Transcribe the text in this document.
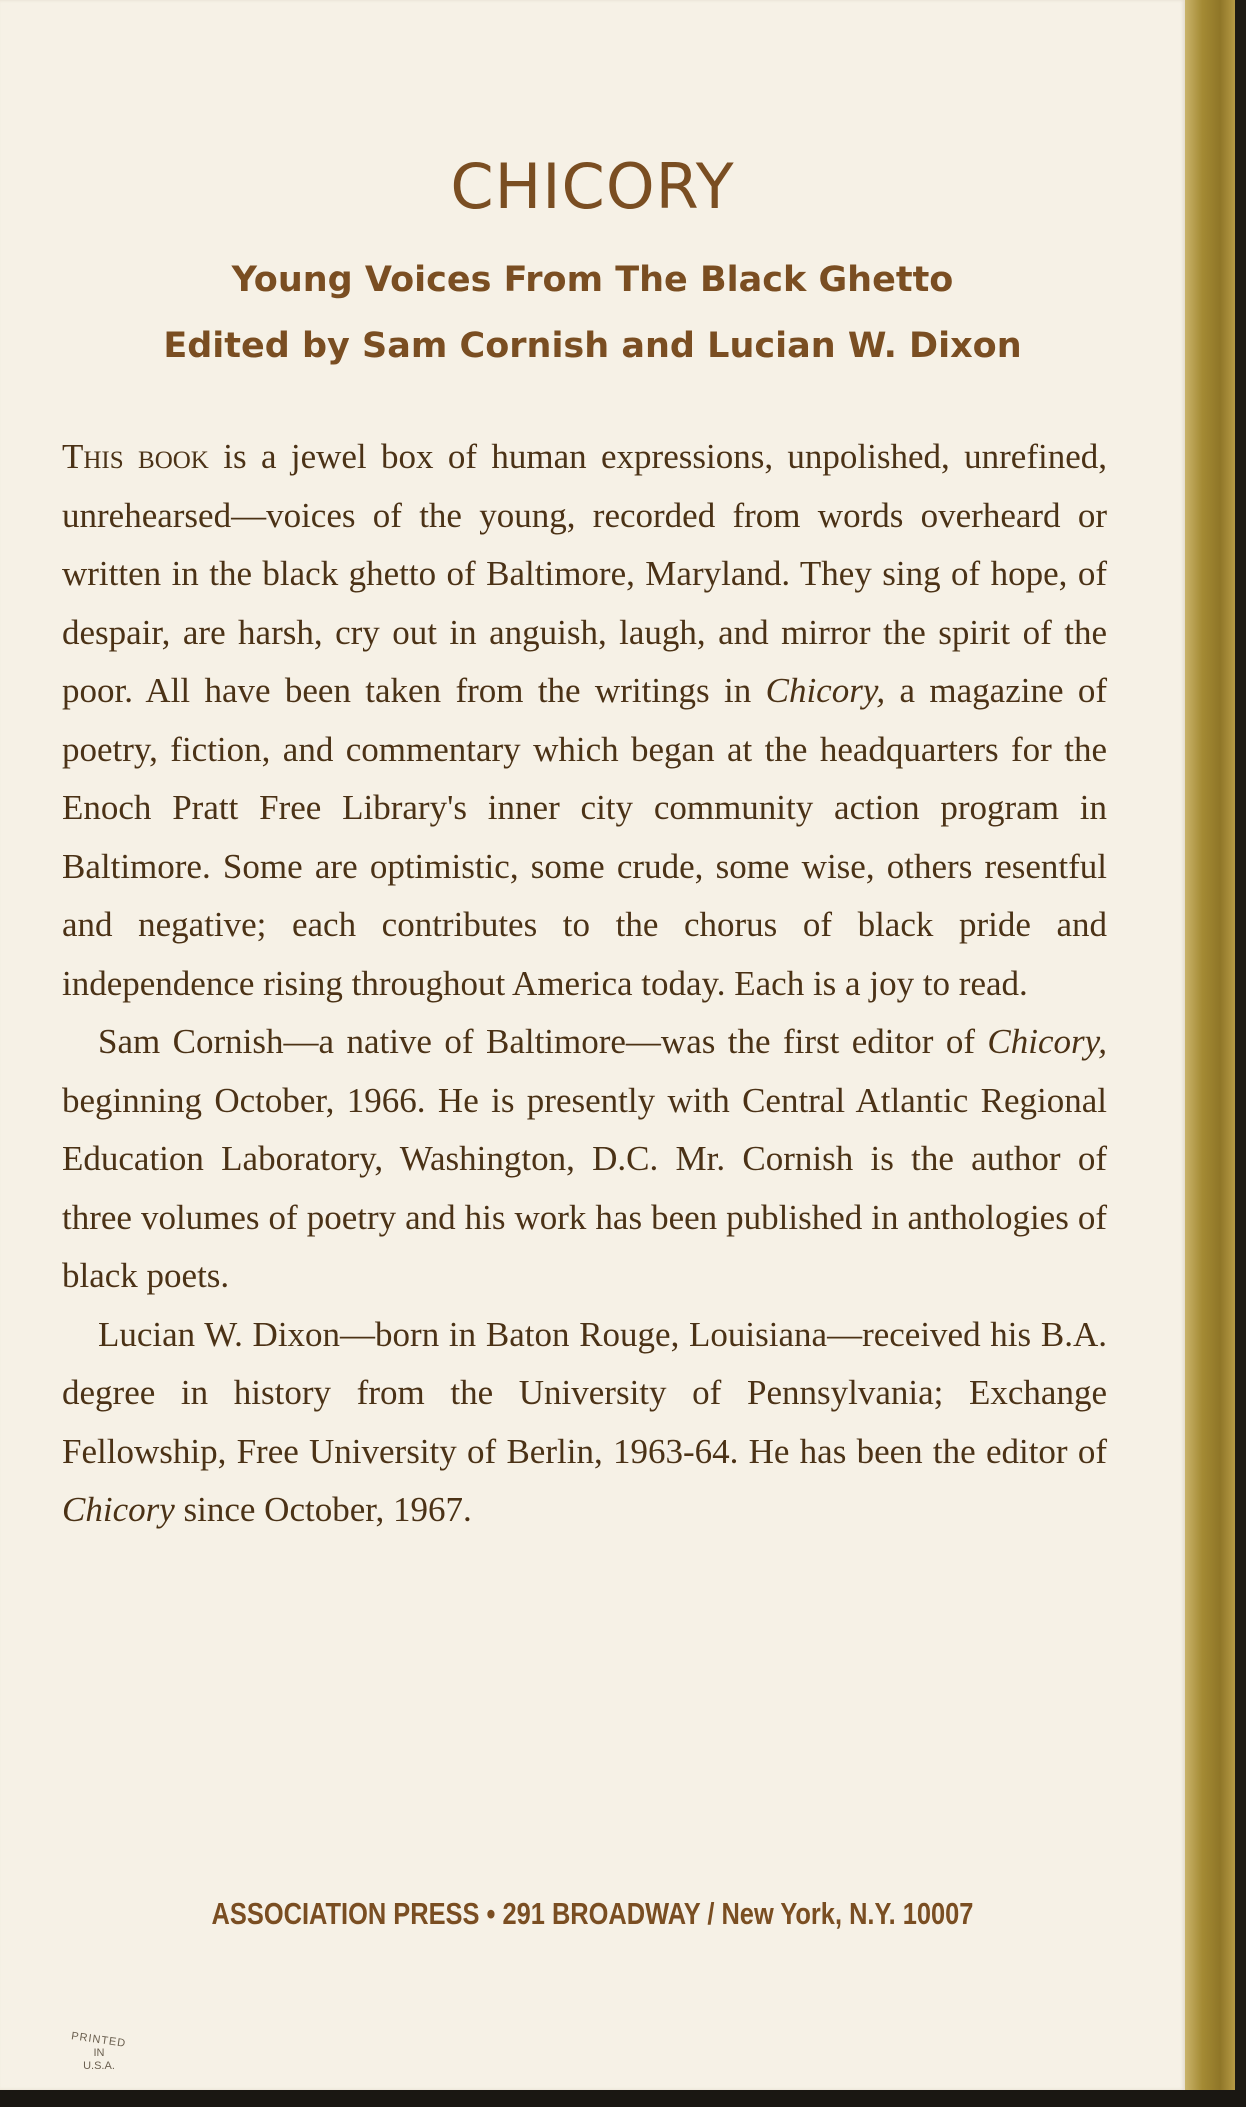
CHICORY
Young Voices From The Black Ghetto
Edited by Sam Cornish and Lucian W. Dixon

This book is a jewel box of human expressions, unpolished, unrefined, unrehearsed—voices of the young, recorded from words overheard or written in the black ghetto of Baltimore, Maryland. They sing of hope, of despair, are harsh, cry out in anguish, laugh, and mirror the spirit of the poor. All have been taken from the writings in Chicory, a magazine of poetry, fiction, and commentary which began at the headquarters for the Enoch Pratt Free Library's inner city community action program in Baltimore. Some are optimistic, some crude, some wise, others resentful and negative; each contributes to the chorus of black pride and independence rising throughout America today. Each is a joy to read.

Sam Cornish—a native of Baltimore—was the first editor of Chicory, beginning October, 1966. He is presently with Central Atlantic Regional Education Laboratory, Washington, D.C. Mr. Cornish is the author of three volumes of poetry and his work has been published in anthologies of black poets.

Lucian W. Dixon—born in Baton Rouge, Louisiana—received his B.A. degree in history from the University of Pennsylvania; Exchange Fellowship, Free University of Berlin, 1963-64. He has been the editor of Chicory since October, 1967.

ASSOCIATION PRESS • 291 BROADWAY / New York, N.Y. 10007
PRINTED
IN
U.S.A.
